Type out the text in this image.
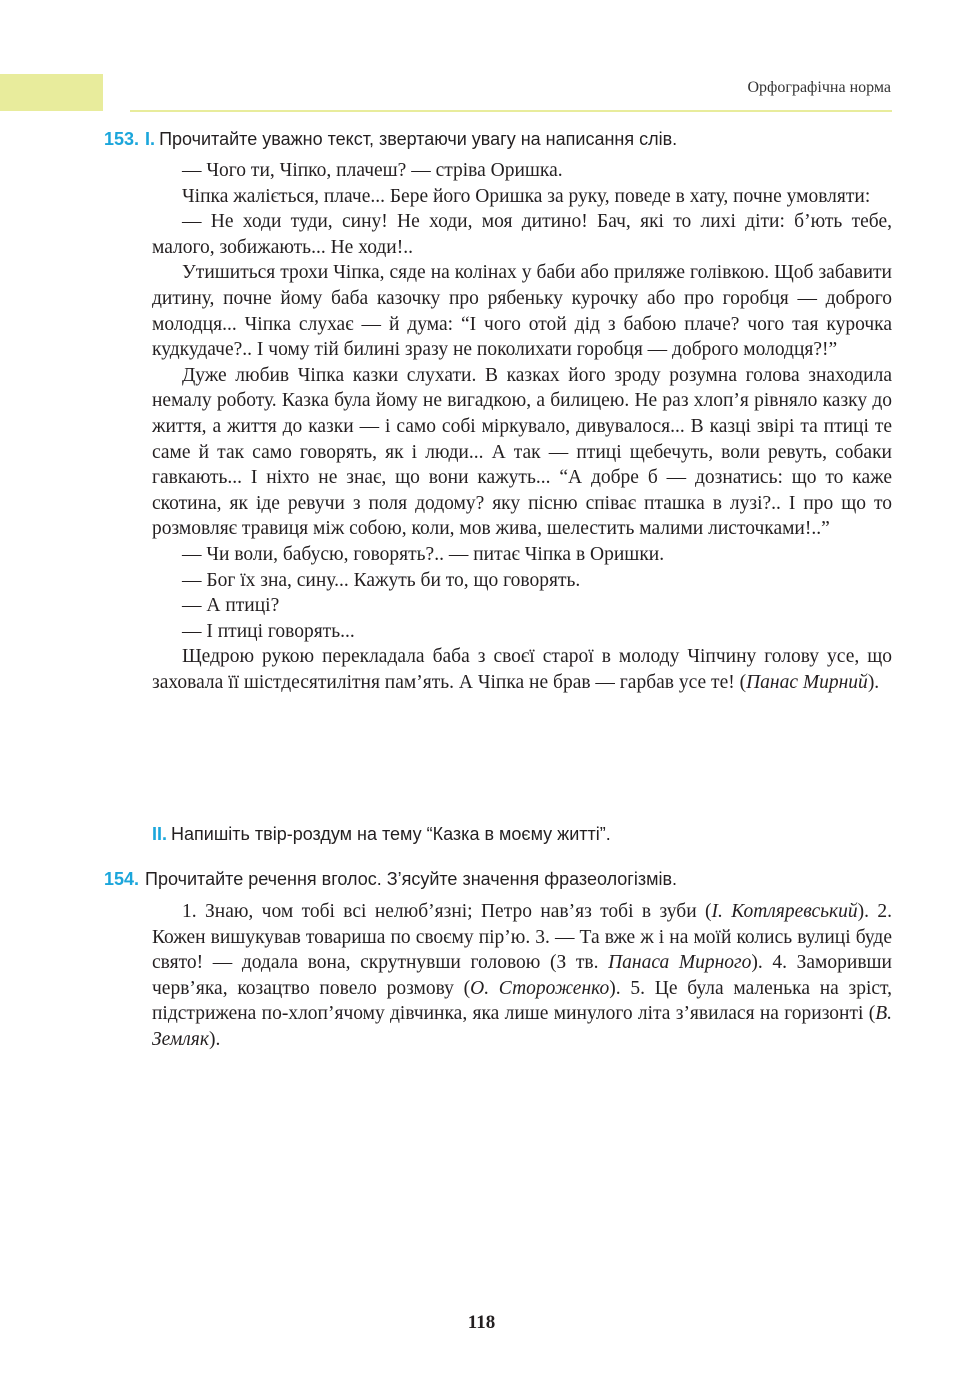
Орфографічна норма
153. I. Прочитайте уважно текст, звертаючи увагу на написання слів.

— Чого ти, Чіпко, плачеш? — стріва Оришка.

Чіпка жаліється, плаче... Бере його Оришка за руку, поведе в хату, почне умовляти:

— Не ходи туди, сину! Не ходи, моя дитино! Бач, які то лихі діти: б’ють тебе, малого, зобижають... Не ходи!..

Утишиться трохи Чіпка, сяде на колінах у баби або приляже голівкою. Щоб забавити дитину, почне йому баба казочку про рябеньку курочку або про горобця — доброго молодця... Чіпка слухає — й дума: “І чого отой дід з бабою плаче? чого тая курочка кудкудаче?.. І чому тій билині зразу не поколихати горобця — доброго молодця?!”

Дуже любив Чіпка казки слухати. В казках його зроду розумна голова знаходила немалу роботу. Казка була йому не вигадкою, а билицею. Не раз хлоп’я рівняло казку до життя, а життя до казки — і само собі міркувало, дивувалося... В казці звірі та птиці те саме й так само говорять, як і люди... А так — птиці щебечуть, воли ревуть, собаки гавкають... І ніхто не знає, що вони кажуть... “А добре б — дознатись: що то каже скотина, як іде ревучи з поля додому? яку пісню співає пташка в лузі?.. І про що то розмовляє травиця між собою, коли, мов жива, шелестить малими листочками!..”

— Чи воли, бабусю, говорять?.. — питає Чіпка в Оришки.

— Бог їх зна, сину... Кажуть би то, що говорять.

— А птиці?

— І птиці говорять...

Щедрою рукою перекладала баба з своєї старої в молоду Чіпчину голову усе, що заховала її шістдесятилітня пам’ять. А Чіпка не брав — гарбав усе те! (Панас Мирний).

II. Напишіть твір-роздум на тему “Казка в моєму житті”.
154. Прочитайте речення вголос. З’ясуйте значення фразеологізмів.

1. Знаю, чом тобі всі нелюб’язні; Петро нав’яз тобі в зуби (І. Котляревський). 2. Кожен вишукував товариша по своєму пір’ю. 3. — Та вже ж і на моїй колись вулиці буде свято! — додала вона, скрутнувши головою (З тв. Панаса Мирного). 4. Заморивши черв’яка, козацтво повело розмову (О. Стороженко). 5. Це була маленька на зріст, підстрижена по-хлоп’ячому дівчинка, яка лише минулого літа з’явилася на горизонті (В. Земляк).

118
